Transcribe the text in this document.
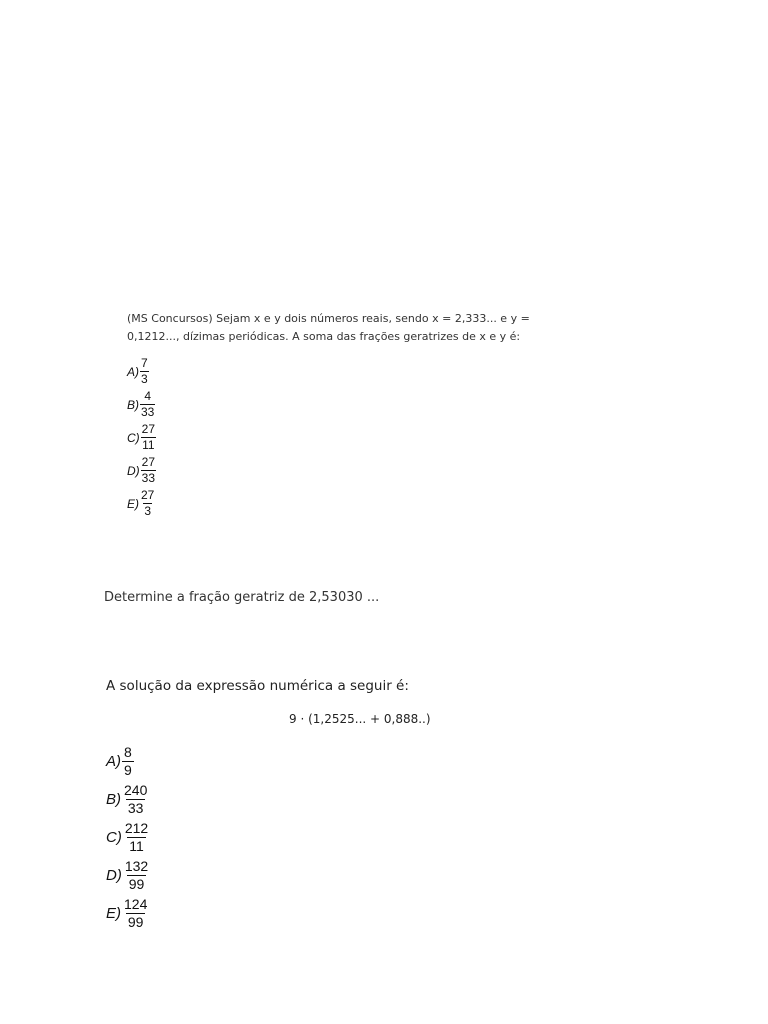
(MS Concursos) Sejam x e y dois números reais, sendo x = 2,333... e y =
0,1212..., dízimas periódicas. A soma das frações geratrizes de x e y é:

$A) \frac{7}{3}$
$B) \frac{4}{33}$
$C) \frac{27}{11}$
$D) \frac{27}{33}$
$E) \frac{27}{3}$
Determine a fração geratriz de 2,53030 ...

A solução da expressão numérica a seguir é:

9 · (1,2525... + 0,888..)
$A) \frac{8}{9}$
$B) \frac{240}{33}$
$C) \frac{212}{11}$
$D) \frac{132}{99}$
$E) \frac{124}{99}$
